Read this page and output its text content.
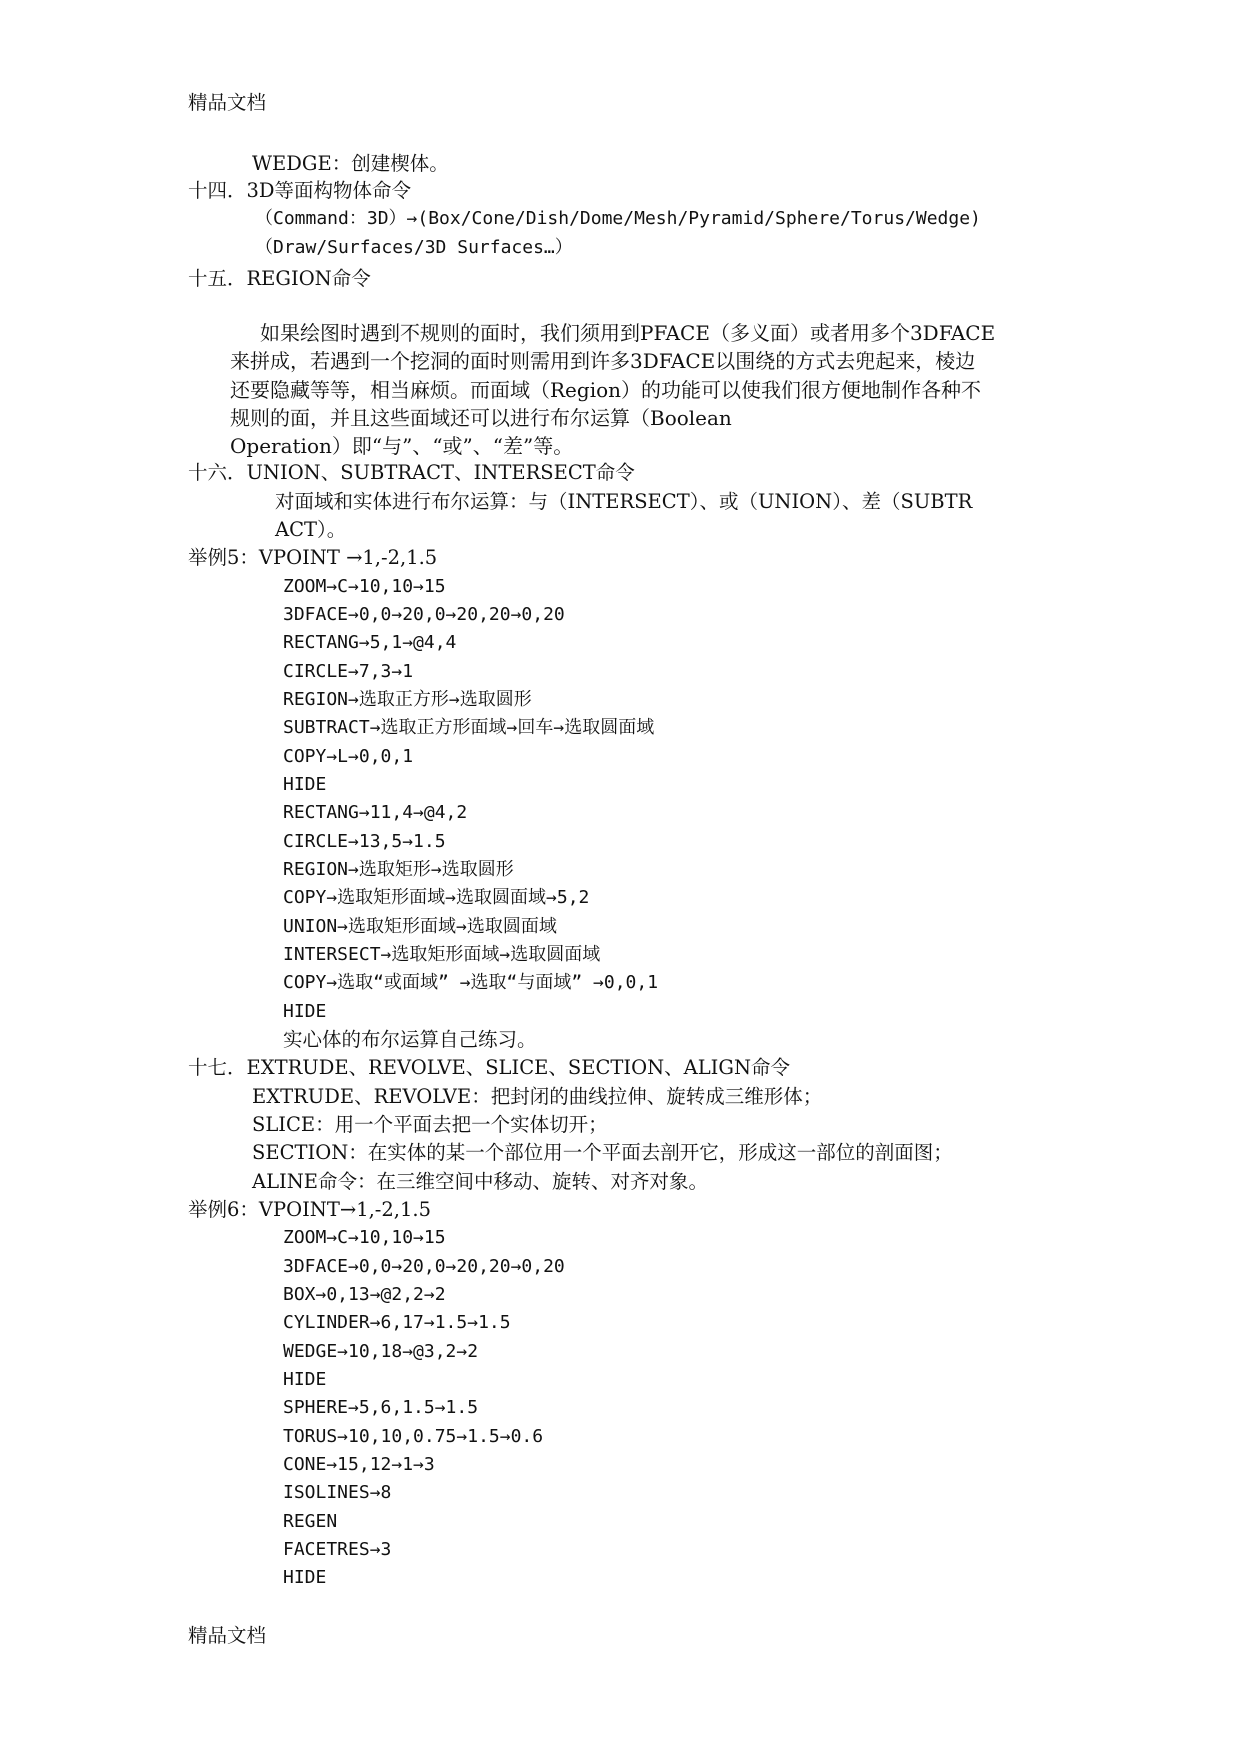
精品文档
WEDGE：创建楔体。
十四．3D等面构物体命令
（Command：3D）→(Box/Cone/Dish/Dome/Mesh/Pyramid/Sphere/Torus/Wedge)
（Draw/Surfaces/3D Surfaces…）
十五．REGION命令
如果绘图时遇到不规则的面时，我们须用到PFACE（多义面）或者用多个3DFACE
来拼成，若遇到一个挖洞的面时则需用到许多3DFACE以围绕的方式去兜起来，棱边
还要隐藏等等，相当麻烦。而面域（Region）的功能可以使我们很方便地制作各种不
规则的面，并且这些面域还可以进行布尔运算（Boolean
Operation）即“与”、“或”、“差”等。
十六．UNION、SUBTRACT、INTERSECT命令
对面域和实体进行布尔运算：与（INTERSECT）、或（UNION）、差（SUBTR
ACT）。
举例5：VPOINT →1,-2,1.5
ZOOM→C→10,10→15
3DFACE→0,0→20,0→20,20→0,20
RECTANG→5,1→@4,4
CIRCLE→7,3→1
REGION→选取正方形→选取圆形
SUBTRACT→选取正方形面域→回车→选取圆面域
COPY→L→0,0,1
HIDE
RECTANG→11,4→@4,2
CIRCLE→13,5→1.5
REGION→选取矩形→选取圆形
COPY→选取矩形面域→选取圆面域→5,2
UNION→选取矩形面域→选取圆面域
INTERSECT→选取矩形面域→选取圆面域
COPY→选取“或面域” →选取“与面域” →0,0,1
HIDE
实心体的布尔运算自己练习。
十七．EXTRUDE、REVOLVE、SLICE、SECTION、ALIGN命令
EXTRUDE、REVOLVE：把封闭的曲线拉伸、旋转成三维形体；
SLICE：用一个平面去把一个实体切开；
SECTION：在实体的某一个部位用一个平面去剖开它，形成这一部位的剖面图；
ALINE命令：在三维空间中移动、旋转、对齐对象。
举例6：VPOINT→1,-2,1.5
ZOOM→C→10,10→15
3DFACE→0,0→20,0→20,20→0,20
BOX→0,13→@2,2→2
CYLINDER→6,17→1.5→1.5
WEDGE→10,18→@3,2→2
HIDE
SPHERE→5,6,1.5→1.5
TORUS→10,10,0.75→1.5→0.6
CONE→15,12→1→3
ISOLINES→8
REGEN
FACETRES→3
HIDE
精品文档
